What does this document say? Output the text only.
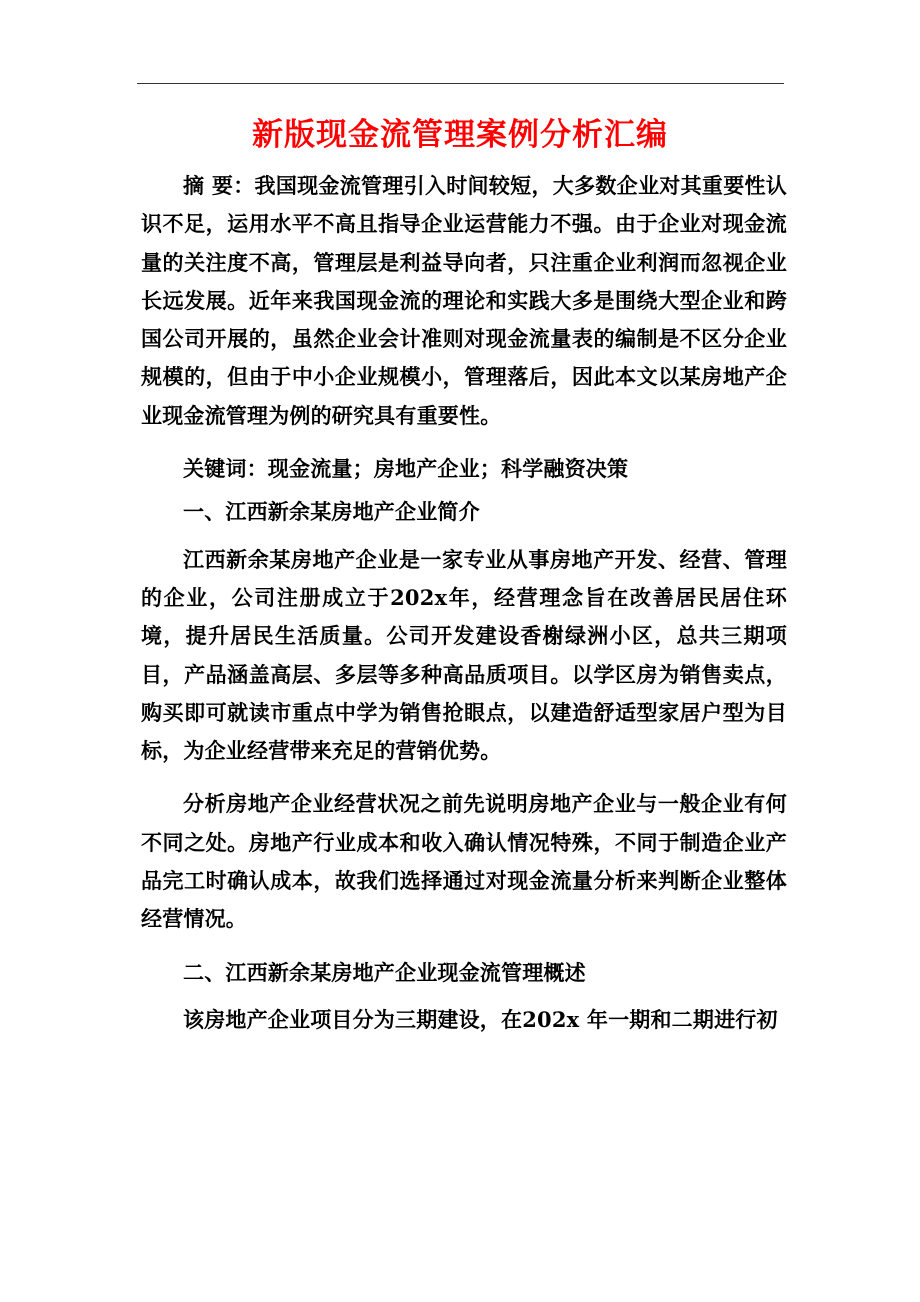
新版现金流管理案例分析汇编

摘 要：我国现金流管理引入时间较短，大多数企业对其重要性认识不足，运用水平不高且指导企业运营能力不强。由于企业对现金流量的关注度不高，管理层是利益导向者，只注重企业利润而忽视企业长远发展。近年来我国现金流的理论和实践大多是围绕大型企业和跨国公司开展的，虽然企业会计准则对现金流量表的编制是不区分企业规模的，但由于中小企业规模小，管理落后，因此本文以某房地产企业现金流管理为例的研究具有重要性。

关键词：现金流量；房地产企业；科学融资决策

一、江西新余某房地产企业简介

江西新余某房地产企业是一家专业从事房地产开发、经营、管理的企业，公司注册成立于202x年，经营理念旨在改善居民居住环境，提升居民生活质量。公司开发建设香榭绿洲小区，总共三期项目，产品涵盖高层、多层等多种高品质项目。以学区房为销售卖点，购买即可就读市重点中学为销售抢眼点，以建造舒适型家居户型为目标，为企业经营带来充足的营销优势。

分析房地产企业经营状况之前先说明房地产企业与一般企业有何不同之处。房地产行业成本和收入确认情况特殊，不同于制造企业产品完工时确认成本，故我们选择通过对现金流量分析来判断企业整体经营情况。

二、江西新余某房地产企业现金流管理概述

该房地产企业项目分为三期建设，在202x 年一期和二期进行初
